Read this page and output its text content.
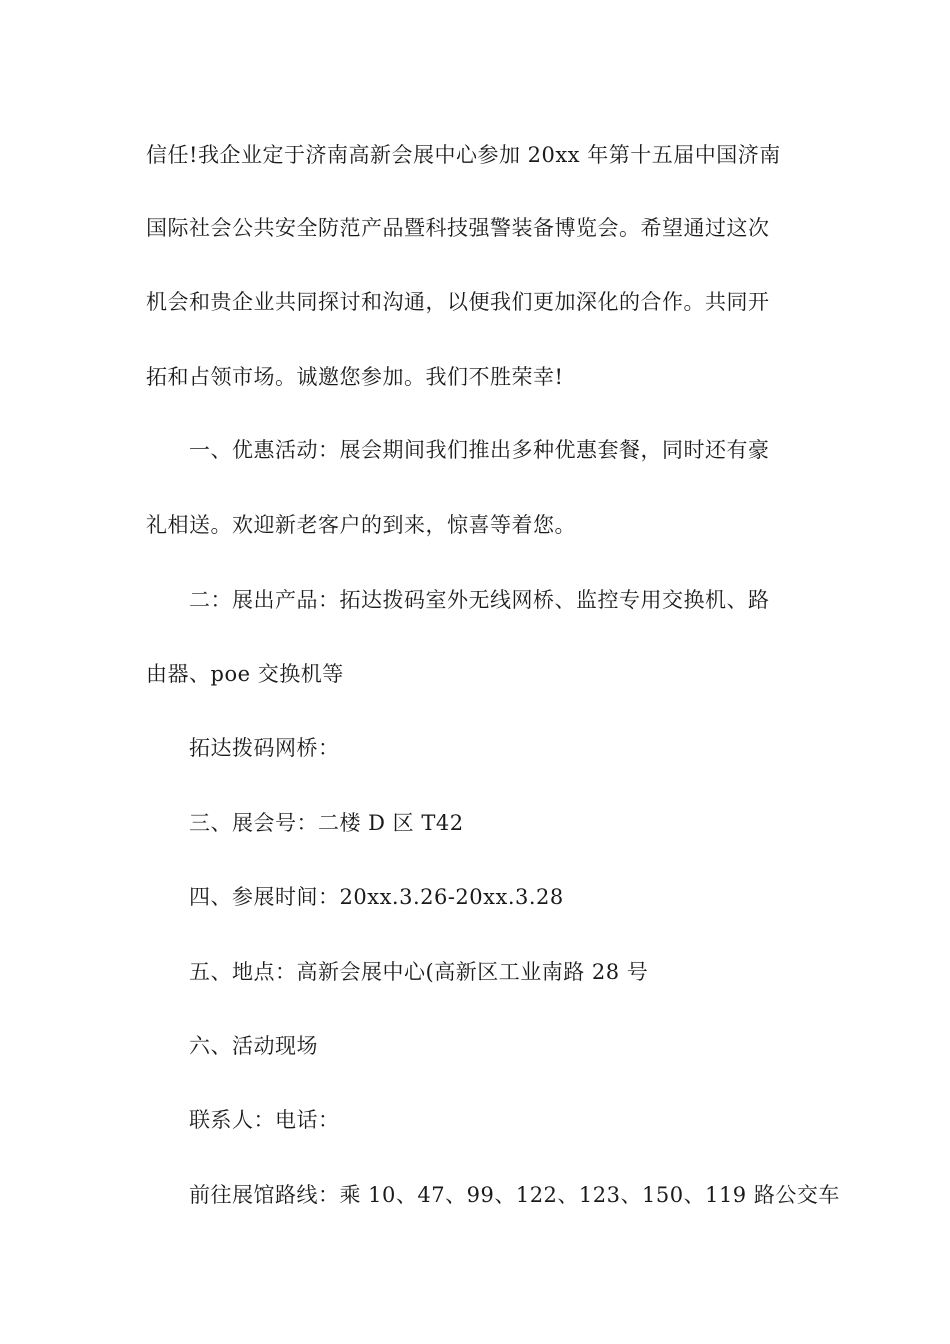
信任!我企业定于济南高新会展中心参加 20xx 年第十五届中国济南
国际社会公共安全防范产品暨科技强警装备博览会。希望通过这次
机会和贵企业共同探讨和沟通，以便我们更加深化的合作。共同开
拓和占领市场。诚邀您参加。我们不胜荣幸!
一、优惠活动：展会期间我们推出多种优惠套餐，同时还有豪
礼相送。欢迎新老客户的到来，惊喜等着您。
二：展出产品：拓达拨码室外无线网桥、监控专用交换机、路
由器、poe 交换机等
拓达拨码网桥：
三、展会号：二楼 D 区 T42
四、参展时间：20xx.3.26-20xx.3.28
五、地点：高新会展中心(高新区工业南路 28 号
六、活动现场
联系人：电话：
前往展馆路线：乘 10、47、99、122、123、150、119 路公交车
